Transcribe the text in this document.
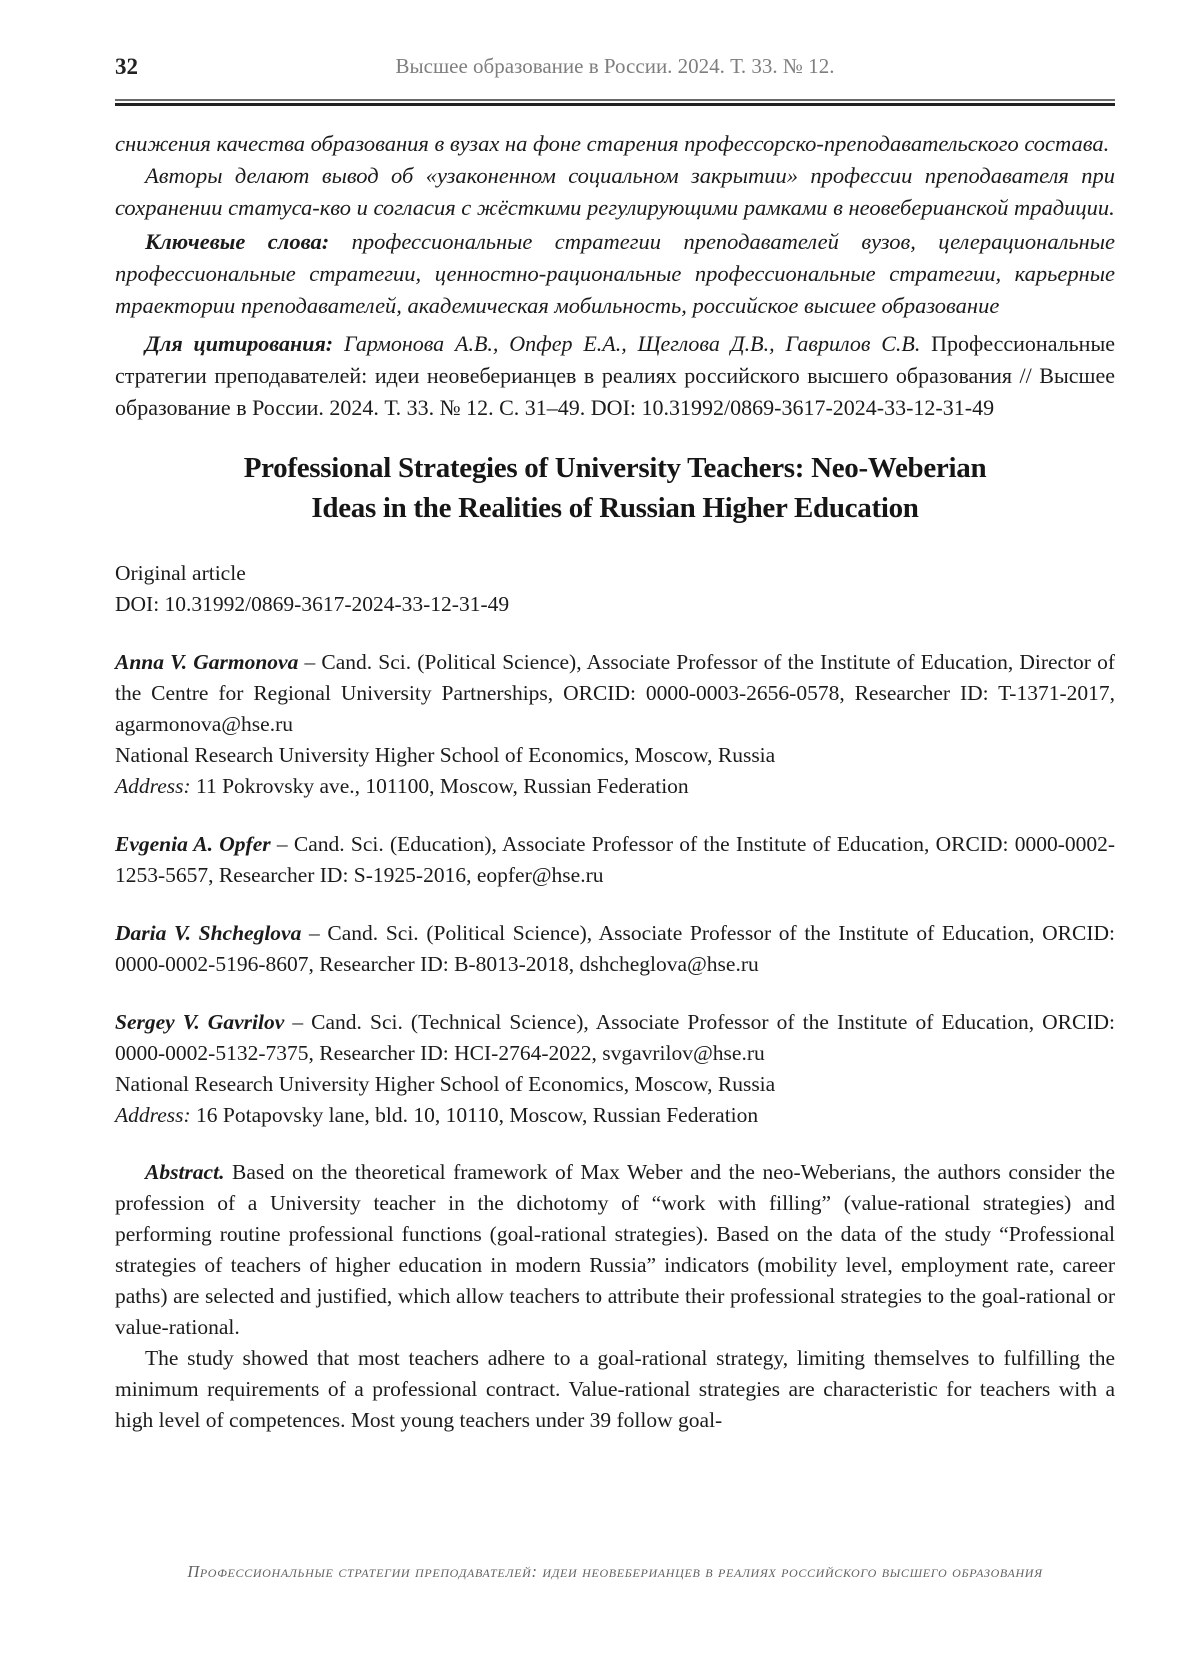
32	Высшее образование в России. 2024. Т. 33. № 12.

снижения качества образования в вузах на фоне старения профессорско-преподавательского состава.

Авторы делают вывод об «узаконенном социальном закрытии» профессии преподавателя при сохранении статуса-кво и согласия с жёсткими регулирующими рамками в неовеберианской традиции.

Ключевые слова: профессиональные стратегии преподавателей вузов, целерациональные профессиональные стратегии, ценностно-рациональные профессиональные стратегии, карьерные траектории преподавателей, академическая мобильность, российское высшее образование

Для цитирования: Гармонова А.В., Опфер Е.А., Щеглова Д.В., Гаврилов С.В. Профессиональные стратегии преподавателей: идеи неовеберианцев в реалиях российского высшего образования // Высшее образование в России. 2024. Т. 33. № 12. С. 31–49. DOI: 10.31992/0869-3617-2024-33-12-31-49

Professional Strategies of University Teachers: Neo-Weberian
Ideas in the Realities of Russian Higher Education

Original article

DOI: 10.31992/0869-3617-2024-33-12-31-49

Anna V. Garmonova – Cand. Sci. (Political Science), Associate Professor of the Institute of Education, Director of the Centre for Regional University Partnerships, ORCID: 0000-0003-2656-0578, Researcher ID: T-1371-2017, agarmonova@hse.ru

National Research University Higher School of Economics, Moscow, Russia

Address: 11 Pokrovsky ave., 101100, Moscow, Russian Federation

Evgenia A. Opfer – Cand. Sci. (Education), Associate Professor of the Institute of Education, ORCID: 0000-0002-1253-5657, Researcher ID: S-1925-2016, eopfer@hse.ru

Daria V. Shcheglova – Cand. Sci. (Political Science), Associate Professor of the Institute of Education, ORCID: 0000-0002-5196-8607, Researcher ID: B-8013-2018, dshcheglova@hse.ru

Sergey V. Gavrilov – Cand. Sci. (Technical Science), Associate Professor of the Institute of Education, ORCID: 0000-0002-5132-7375, Researcher ID: HCI-2764-2022, svgavrilov@hse.ru

National Research University Higher School of Economics, Moscow, Russia

Address: 16 Potapovsky lane, bld. 10, 10110, Moscow, Russian Federation

Abstract. Based on the theoretical framework of Max Weber and the neo-Weberians, the authors consider the profession of a University teacher in the dichotomy of “work with filling” (value-rational strategies) and performing routine professional functions (goal-rational strategies). Based on the data of the study “Professional strategies of teachers of higher education in modern Russia” indicators (mobility level, employment rate, career paths) are selected and justified, which allow teachers to attribute their professional strategies to the goal-rational or value-rational.

The study showed that most teachers adhere to a goal-rational strategy, limiting themselves to fulfilling the minimum requirements of a professional contract. Value-rational strategies are characteristic for teachers with a high level of competences. Most young teachers under 39 follow goal-

Профессиональные стратегии преподавателей: идеи неовеберианцев в реалиях российского высшего образования
